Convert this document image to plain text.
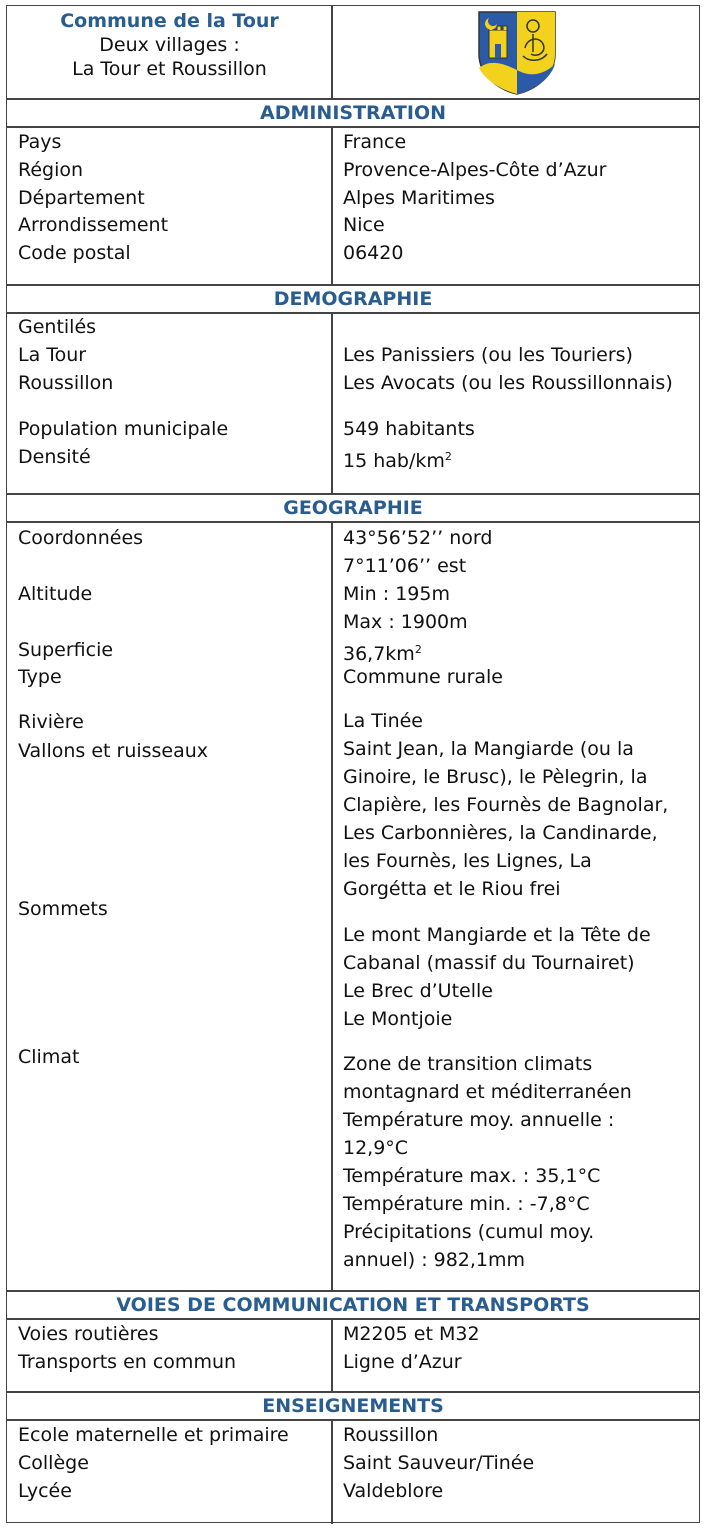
Commune de la Tour
Deux villages :
La Tour et Roussillon
ADMINISTRATION
Pays	France
Région	Provence-Alpes-Côte d’Azur
Département	Alpes Maritimes
Arrondissement	Nice
Code postal	06420
DEMOGRAPHIE
Gentilés
La Tour	Les Panissiers (ou les Touriers)
Roussillon	Les Avocats (ou les Roussillonnais)
Population municipale	549 habitants
Densité	15 hab/$km^2$
GEOGRAPHIE
Coordonnées	43°56’52’’ nord
7°11’06’’ est
Altitude	Min : 195m
Max : 1900m
Superficie	$36,7km^2$
Type	Commune rurale
Rivière	La Tinée
Vallons et ruisseaux	Saint Jean, la Mangiarde (ou la
Ginoire, le Brusc), le Pèlegrin, la
Clapière, les Fournès de Bagnolar,
Les Carbonnières, la Candinarde,
les Fournès, les Lignes, La
Gorgétta et le Riou frei
Sommets
Le mont Mangiarde et la Tête de
Cabanal (massif du Tournairet)
Le Brec d’Utelle
Le Montjoie
Climat	Zone de transition climats
montagnard et méditerranéen
Température moy. annuelle :
12,9°C
Température max. : 35,1°C
Température min. : -7,8°C
Précipitations (cumul moy.
annuel) : 982,1mm
VOIES DE COMMUNICATION ET TRANSPORTS
Voies routières	M2205 et M32
Transports en commun	Ligne d’Azur
ENSEIGNEMENTS
Ecole maternelle et primaire	Roussillon
Collège	Saint Sauveur/Tinée
Lycée	Valdeblore
